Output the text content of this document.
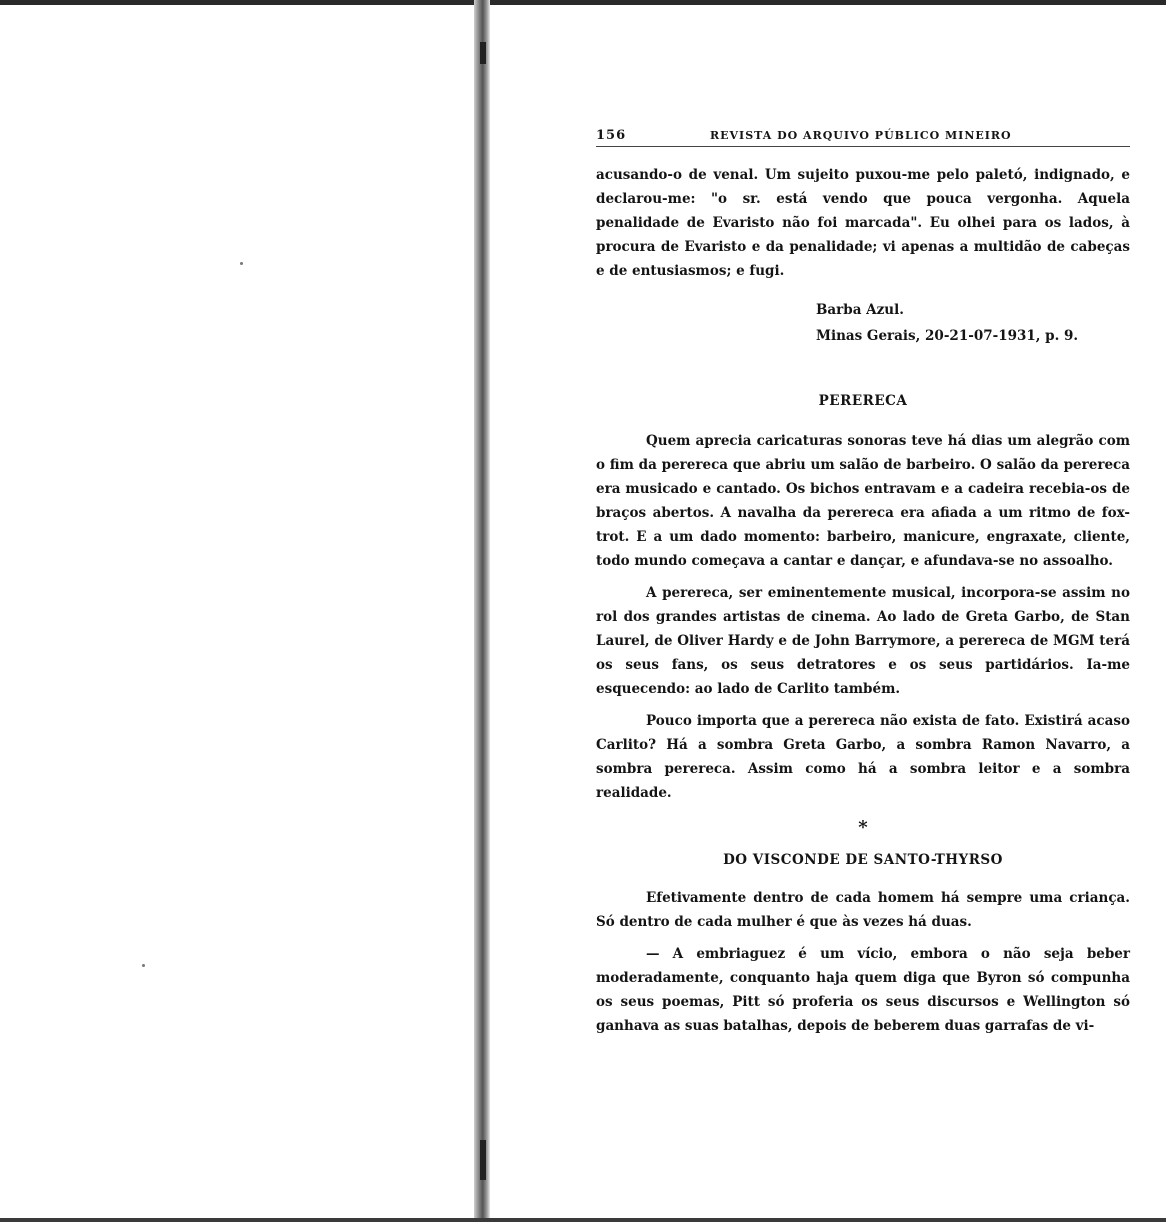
156	REVISTA DO ARQUIVO PÚBLICO MINEIRO

acusando-o de venal. Um sujeito puxou-me pelo paletó, indignado, e declarou-me: "o sr. está vendo que pouca vergonha. Aquela penalidade de Evaristo não foi marcada". Eu olhei para os lados, à procura de Evaristo e da penalidade; vi apenas a multidão de cabeças e de entusiasmos; e fugi.

Barba Azul.
Minas Gerais, 20-21-07-1931, p. 9.
PERERECA

Quem aprecia caricaturas sonoras teve há dias um alegrão com o fim da perereca que abriu um salão de barbeiro. O salão da perereca era musicado e cantado. Os bichos entravam e a cadeira recebia-os de braços abertos. A navalha da perereca era afiada a um ritmo de fox-trot. E a um dado momento: barbeiro, manicure, engraxate, cliente, todo mundo começava a cantar e dançar, e afundava-se no assoalho.

A perereca, ser eminentemente musical, incorpora-se assim no rol dos grandes artistas de cinema. Ao lado de Greta Garbo, de Stan Laurel, de Oliver Hardy e de John Barrymore, a perereca de MGM terá os seus fans, os seus detratores e os seus partidários. Ia-me esquecendo: ao lado de Carlito também.

Pouco importa que a perereca não exista de fato. Existirá acaso Carlito? Há a sombra Greta Garbo, a sombra Ramon Navarro, a sombra perereca. Assim como há a sombra leitor e a sombra realidade.

*
DO VISCONDE DE SANTO-THYRSO

Efetivamente dentro de cada homem há sempre uma criança. Só dentro de cada mulher é que às vezes há duas.

— A embriaguez é um vício, embora o não seja beber moderadamente, conquanto haja quem diga que Byron só compunha os seus poemas, Pitt só proferia os seus discursos e Wellington só ganhava as suas batalhas, depois de beberem duas garrafas de vi-
